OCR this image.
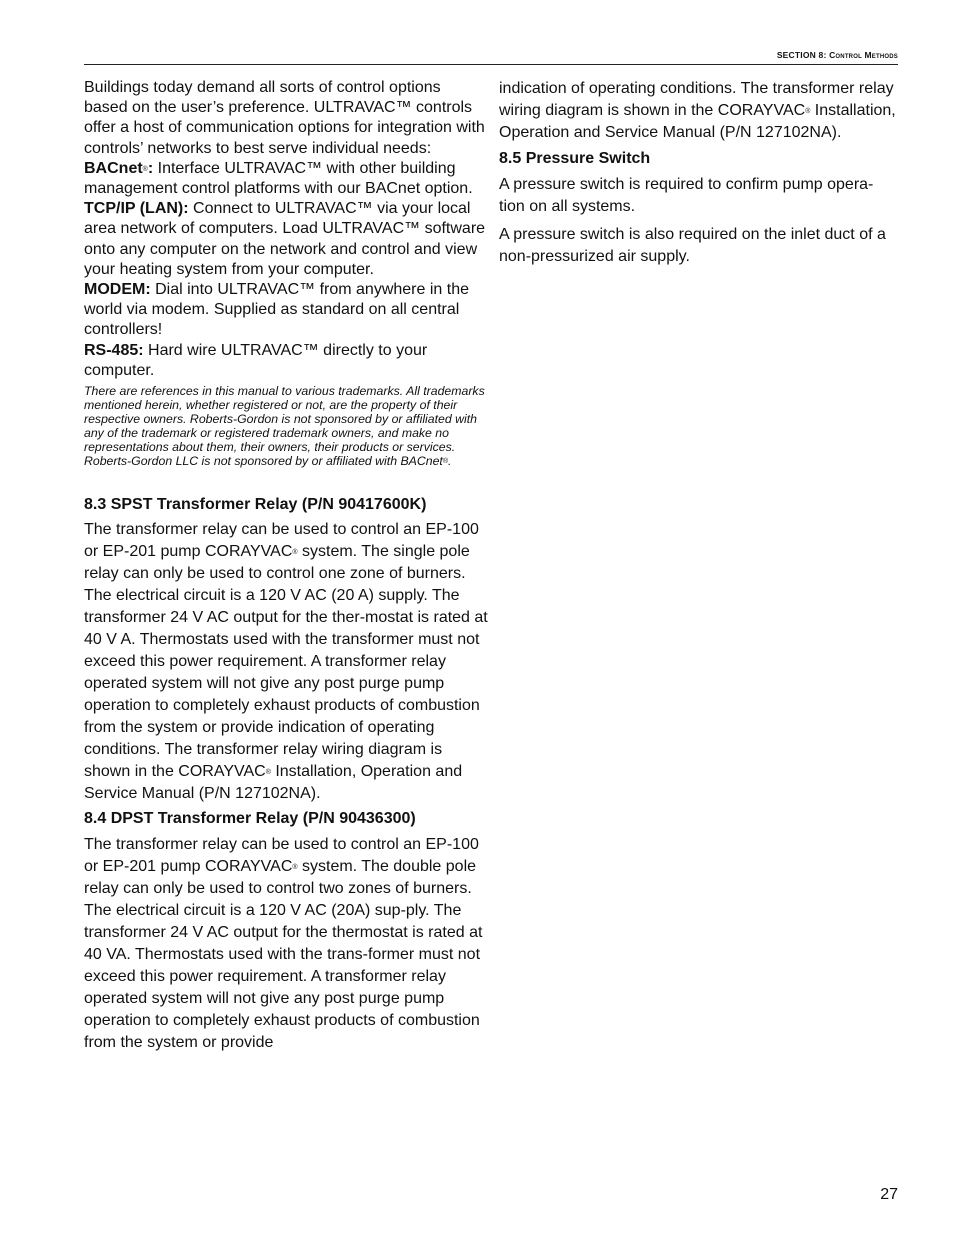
SECTION 8: Control Methods

Buildings today demand all sorts of control options based on the user’s preference. ULTRAVAC™ controls offer a host of communication options for integration with controls’ networks to best serve individual needs:

BACnet®: Interface ULTRAVAC™ with other building management control platforms with our BACnet option.

TCP/IP (LAN): Connect to ULTRAVAC™ via your local area network of computers. Load ULTRAVAC™ software onto any computer on the network and control and view your heating system from your computer.

MODEM: Dial into ULTRAVAC™ from anywhere in the world via modem. Supplied as standard on all central controllers!

RS-485: Hard wire ULTRAVAC™ directly to your computer.

There are references in this manual to various trademarks. All trademarks mentioned herein, whether registered or not, are the property of their respective owners. Roberts-Gordon is not sponsored by or affiliated with any of the trademark or registered trademark owners, and make no representations about them, their owners, their products or services.
Roberts-Gordon LLC is not sponsored by or affiliated with BACnet®.
8.3 SPST Transformer Relay (P/N 90417600K)

The transformer relay can be used to control an EP-100 or EP-201 pump CORAYVAC® system. The single pole relay can only be used to control one zone of burners. The electrical circuit is a 120 V AC (20 A) supply. The transformer 24 V AC output for the ther-mostat is rated at 40 V A. Thermostats used with the transformer must not exceed this power requirement. A transformer relay operated system will not give any post purge pump operation to completely exhaust products of combustion from the system or provide indication of operating conditions. The transformer relay wiring diagram is shown in the CORAYVAC® Installation, Operation and Service Manual (P/N 127102NA).

8.4 DPST Transformer Relay (P/N 90436300)

The transformer relay can be used to control an EP-100 or EP-201 pump CORAYVAC® system. The double pole relay can only be used to control two zones of burners. The electrical circuit is a 120 V AC (20A) sup-ply. The transformer 24 V AC output for the thermostat is rated at 40 VA. Thermostats used with the trans-former must not exceed this power requirement. A transformer relay operated system will not give any post purge pump operation to completely exhaust products of combustion from the system or provide

indication of operating conditions. The transformer relay wiring diagram is shown in the CORAYVAC® Installation, Operation and Service Manual (P/N 127102NA).

8.5 Pressure Switch

A pressure switch is required to confirm pump opera-tion on all systems.

A pressure switch is also required on the inlet duct of a non-pressurized air supply.

27
